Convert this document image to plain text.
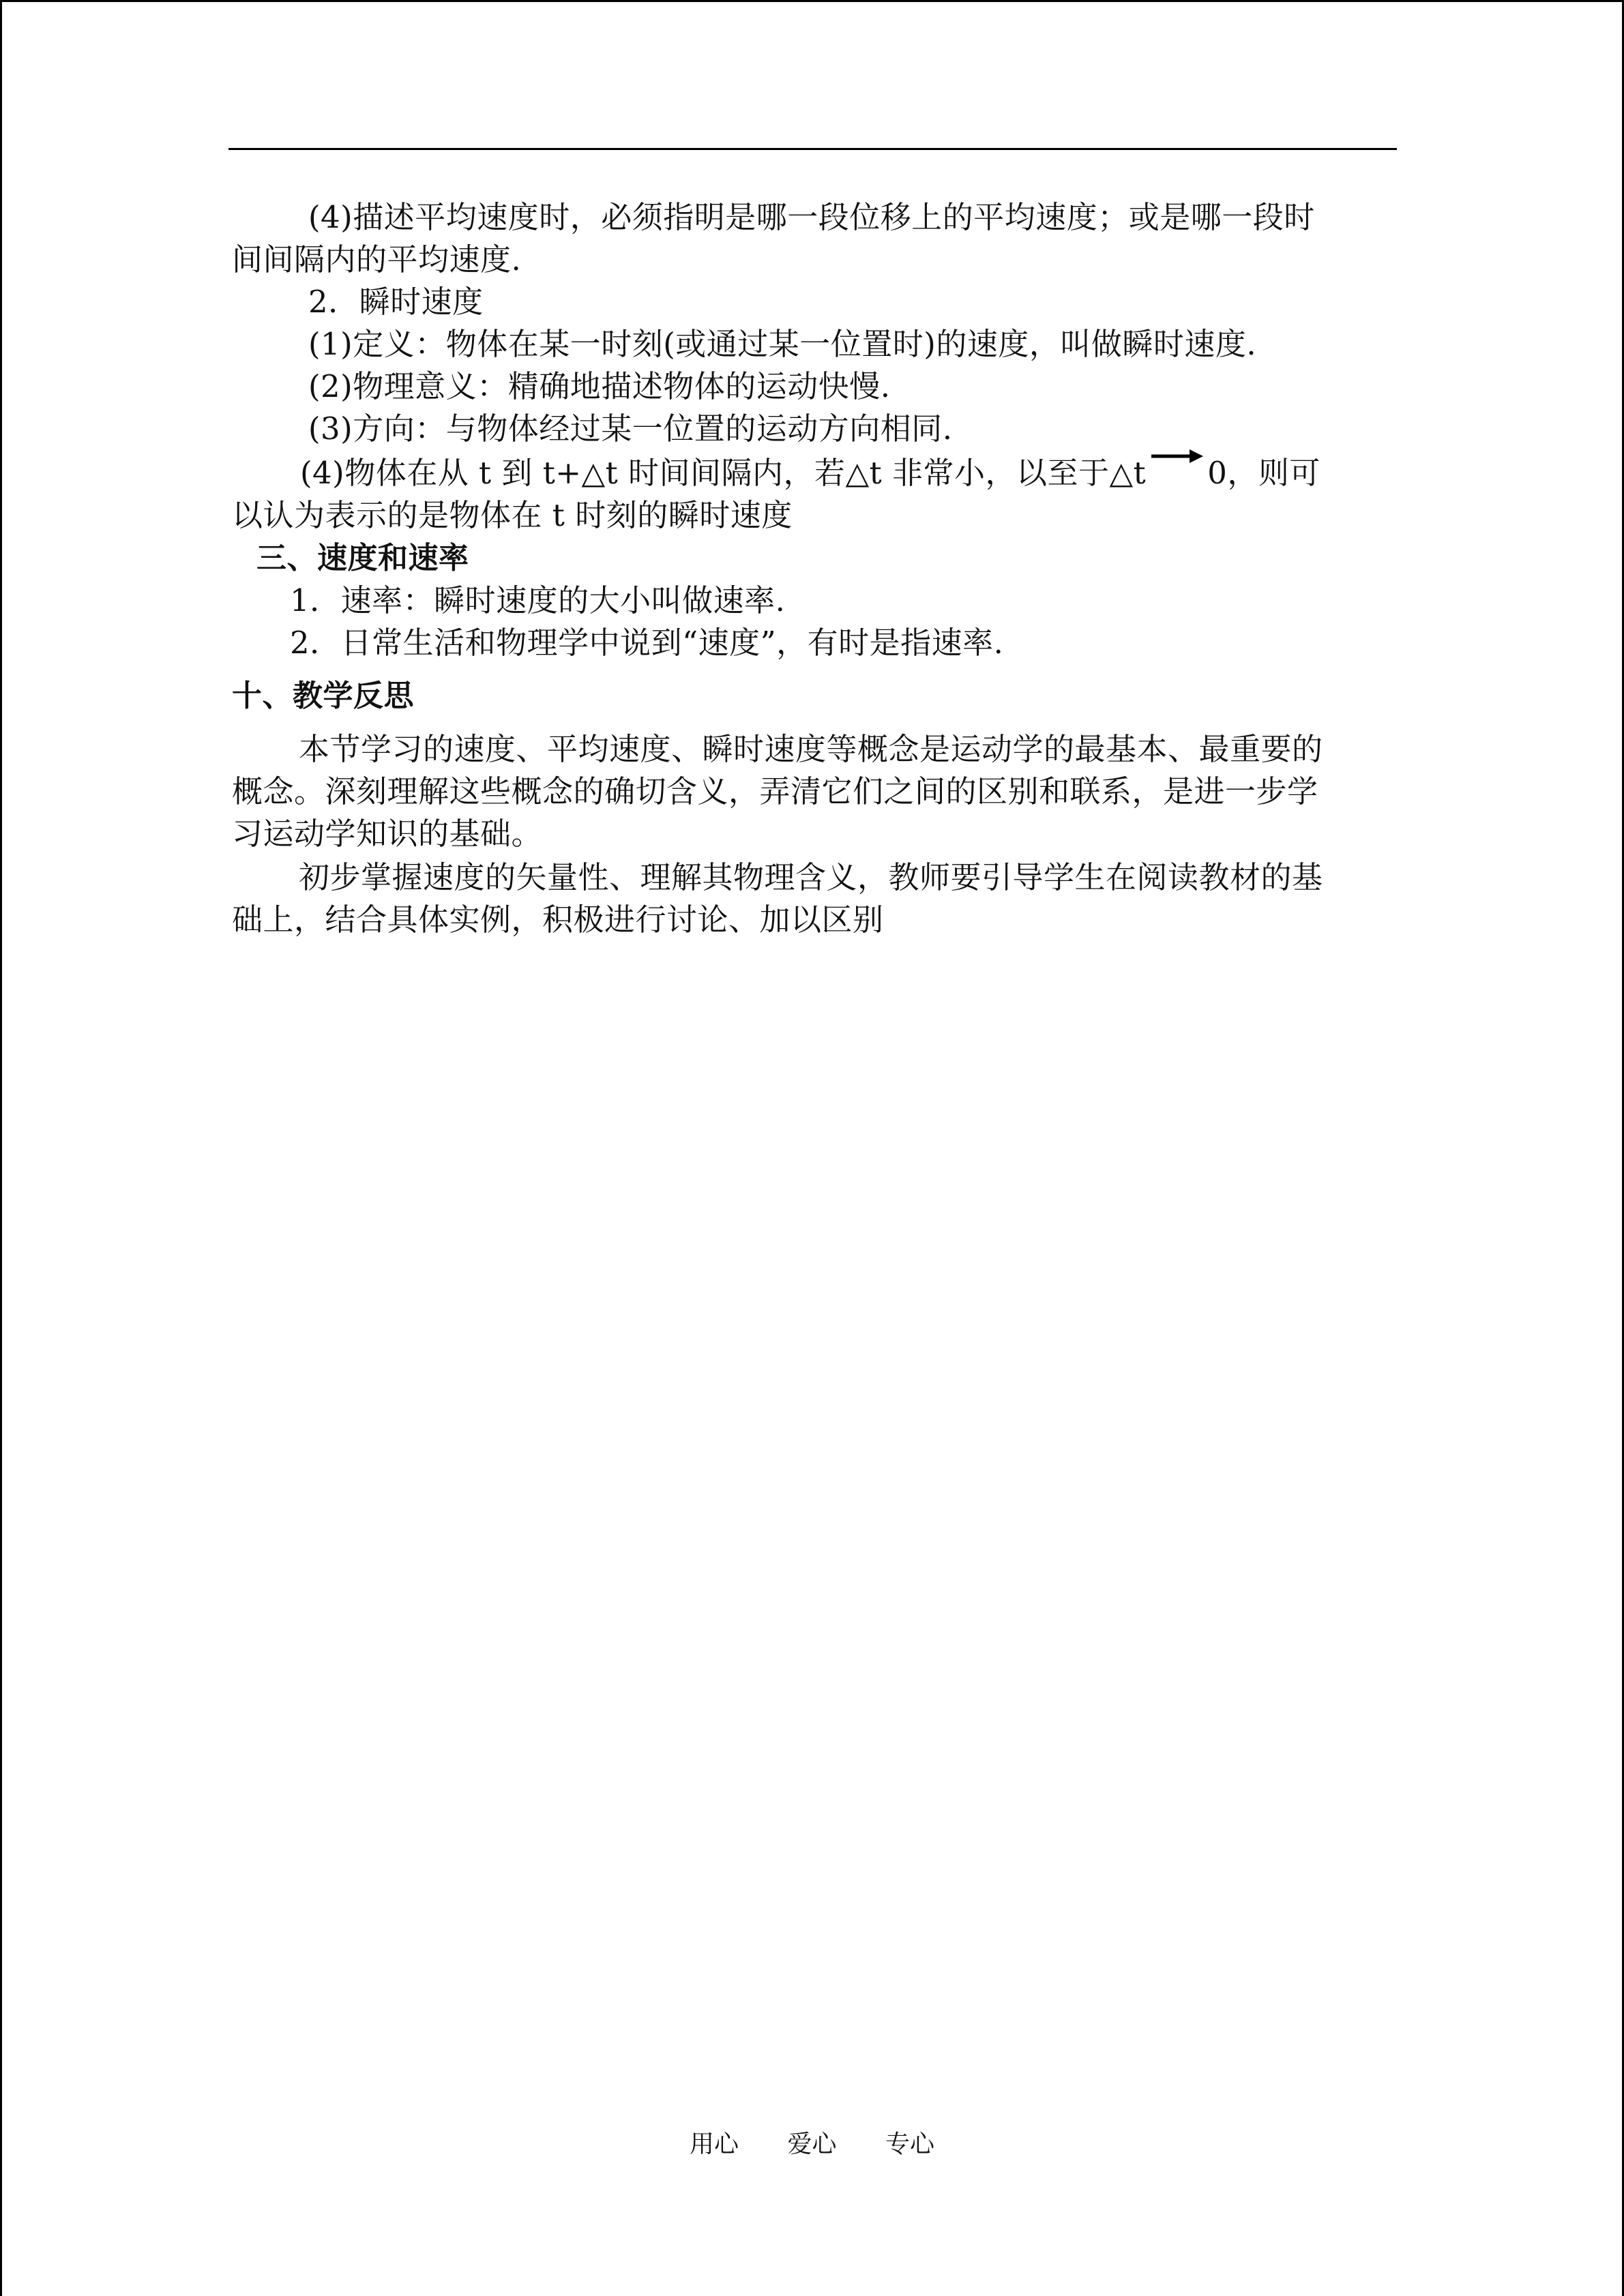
(4)描述平均速度时，必须指明是哪一段位移上的平均速度；或是哪一段时
间间隔内的平均速度.
2．瞬时速度
(1)定义：物体在某一时刻(或通过某一位置时)的速度，叫做瞬时速度.
(2)物理意义：精确地描述物体的运动快慢.
(3)方向：与物体经过某一位置的运动方向相同.
(4)物体在从 t 到 t+△t 时间间隔内，若△t 非常小，以至于△t 0，则可
以认为表示的是物体在 t 时刻的瞬时速度
三、速度和速率
1．速率：瞬时速度的大小叫做速率.
2．日常生活和物理学中说到“速度”，有时是指速率.
十、教学反思
本节学习的速度、平均速度、瞬时速度等概念是运动学的最基本、最重要的
概念。深刻理解这些概念的确切含义，弄清它们之间的区别和联系，是进一步学
习运动学知识的基础。
初步掌握速度的矢量性、理解其物理含义，教师要引导学生在阅读教材的基
础上，结合具体实例，积极进行讨论、加以区别
用心 爱心 专心
